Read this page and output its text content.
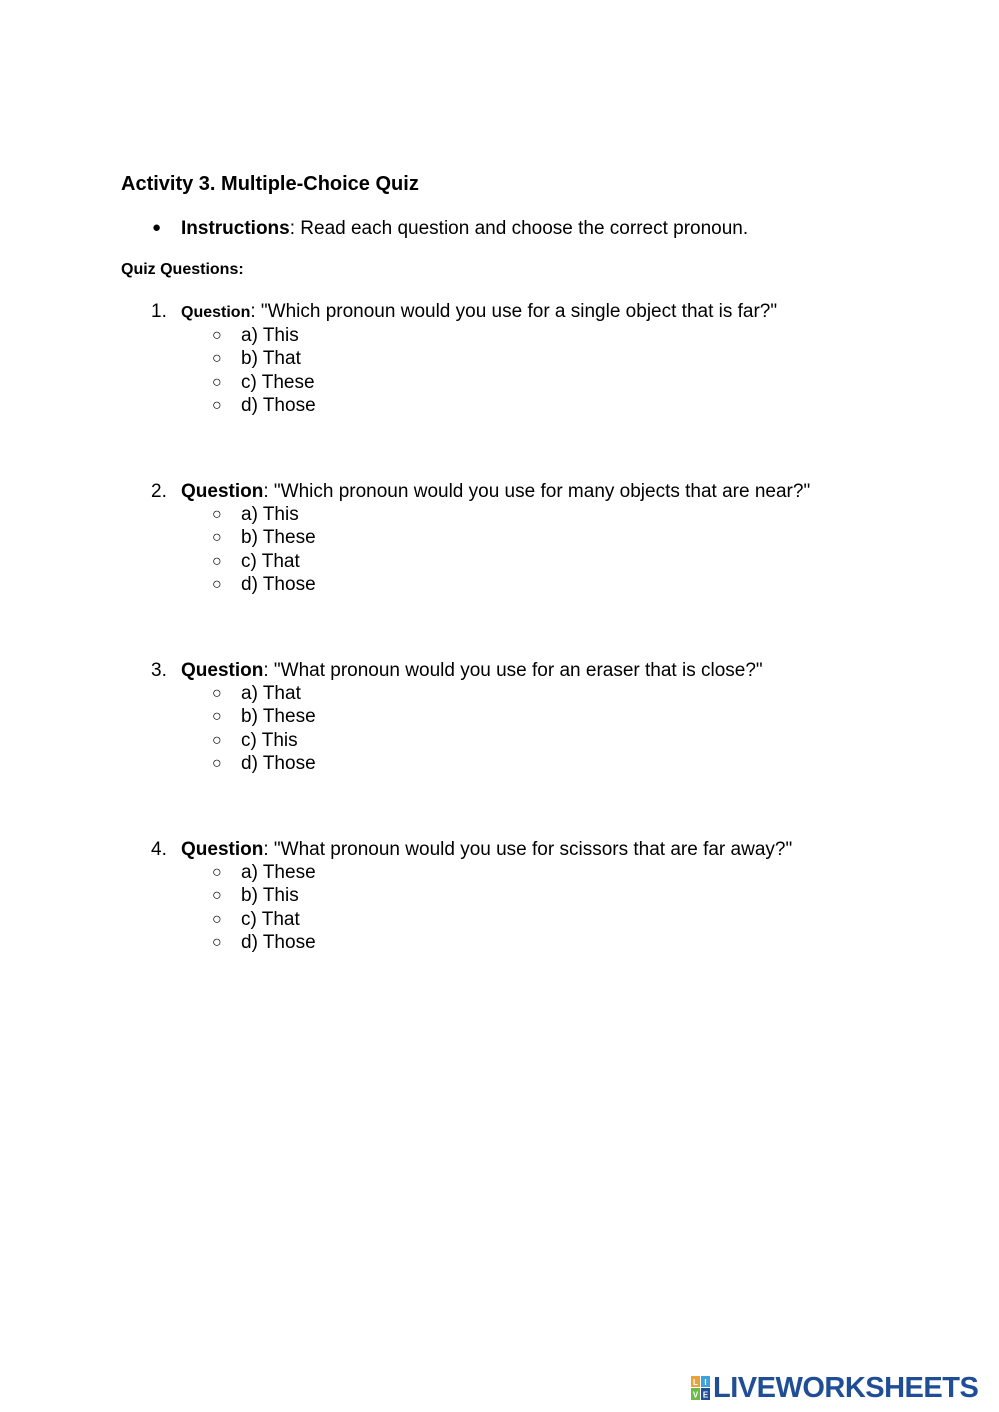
Activity 3. Multiple-Choice Quiz
● Instructions: Read each question and choose the correct pronoun.
Quiz Questions:
1. Question: "Which pronoun would you use for a single object that is far?"
○ a) This
○ b) That
○ c) These
○ d) Those
2. Question: "Which pronoun would you use for many objects that are near?"
○ a) This
○ b) These
○ c) That
○ d) Those
3. Question: "What pronoun would you use for an eraser that is close?"
○ a) That
○ b) These
○ c) This
○ d) Those
4. Question: "What pronoun would you use for scissors that are far away?"
○ a) These
○ b) This
○ c) That
○ d) Those
L I
V E LIVEWORKSHEETS
